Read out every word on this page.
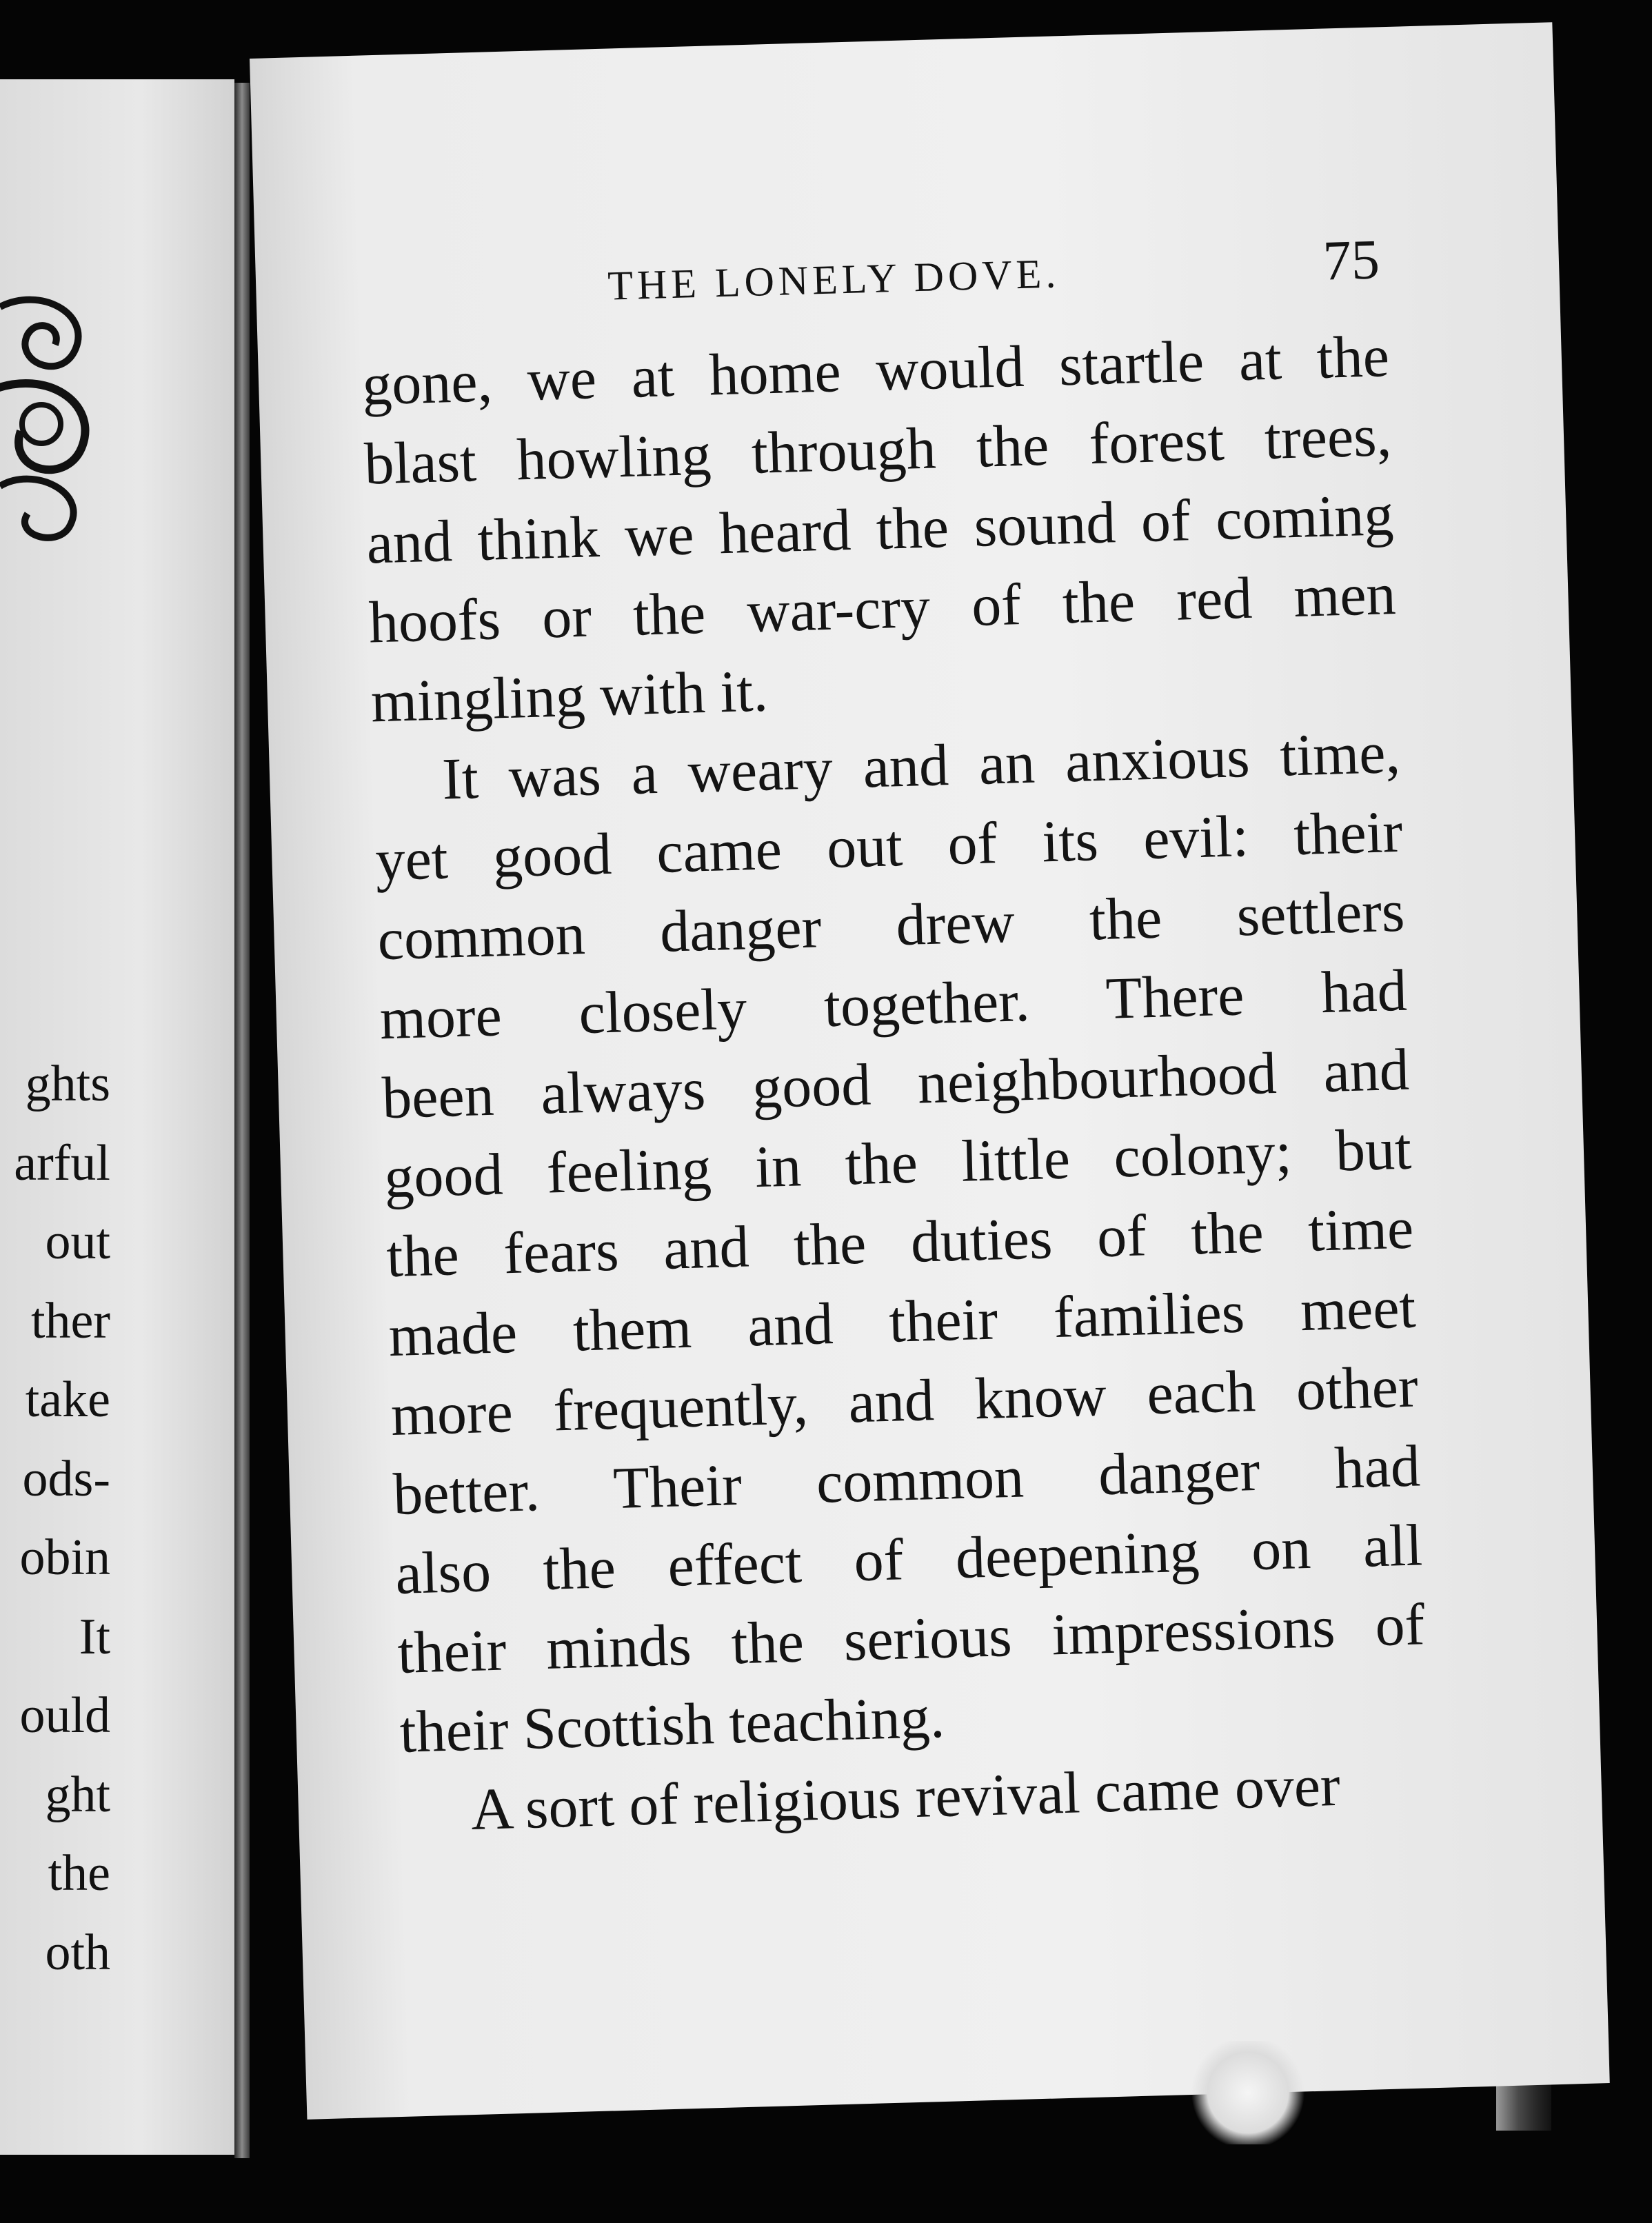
ghts
arful
out
ther
take
ods-
obin
It
ould
ght
the
oth
THE LONELY DOVE.	75
gone, we at home would startle at the
blast howling through the forest trees,
and think we heard the sound of coming
hoofs or the war-cry of the red men
mingling with it.
It was a weary and an anxious time,
yet good came out of its evil: their
common danger drew the settlers
more closely together. There had
been always good neighbourhood and
good feeling in the little colony; but
the fears and the duties of the time
made them and their families meet
more frequently, and know each other
better. Their common danger had
also the effect of deepening on all
their minds the serious impressions of
their Scottish teaching.
A sort of religious revival came over
